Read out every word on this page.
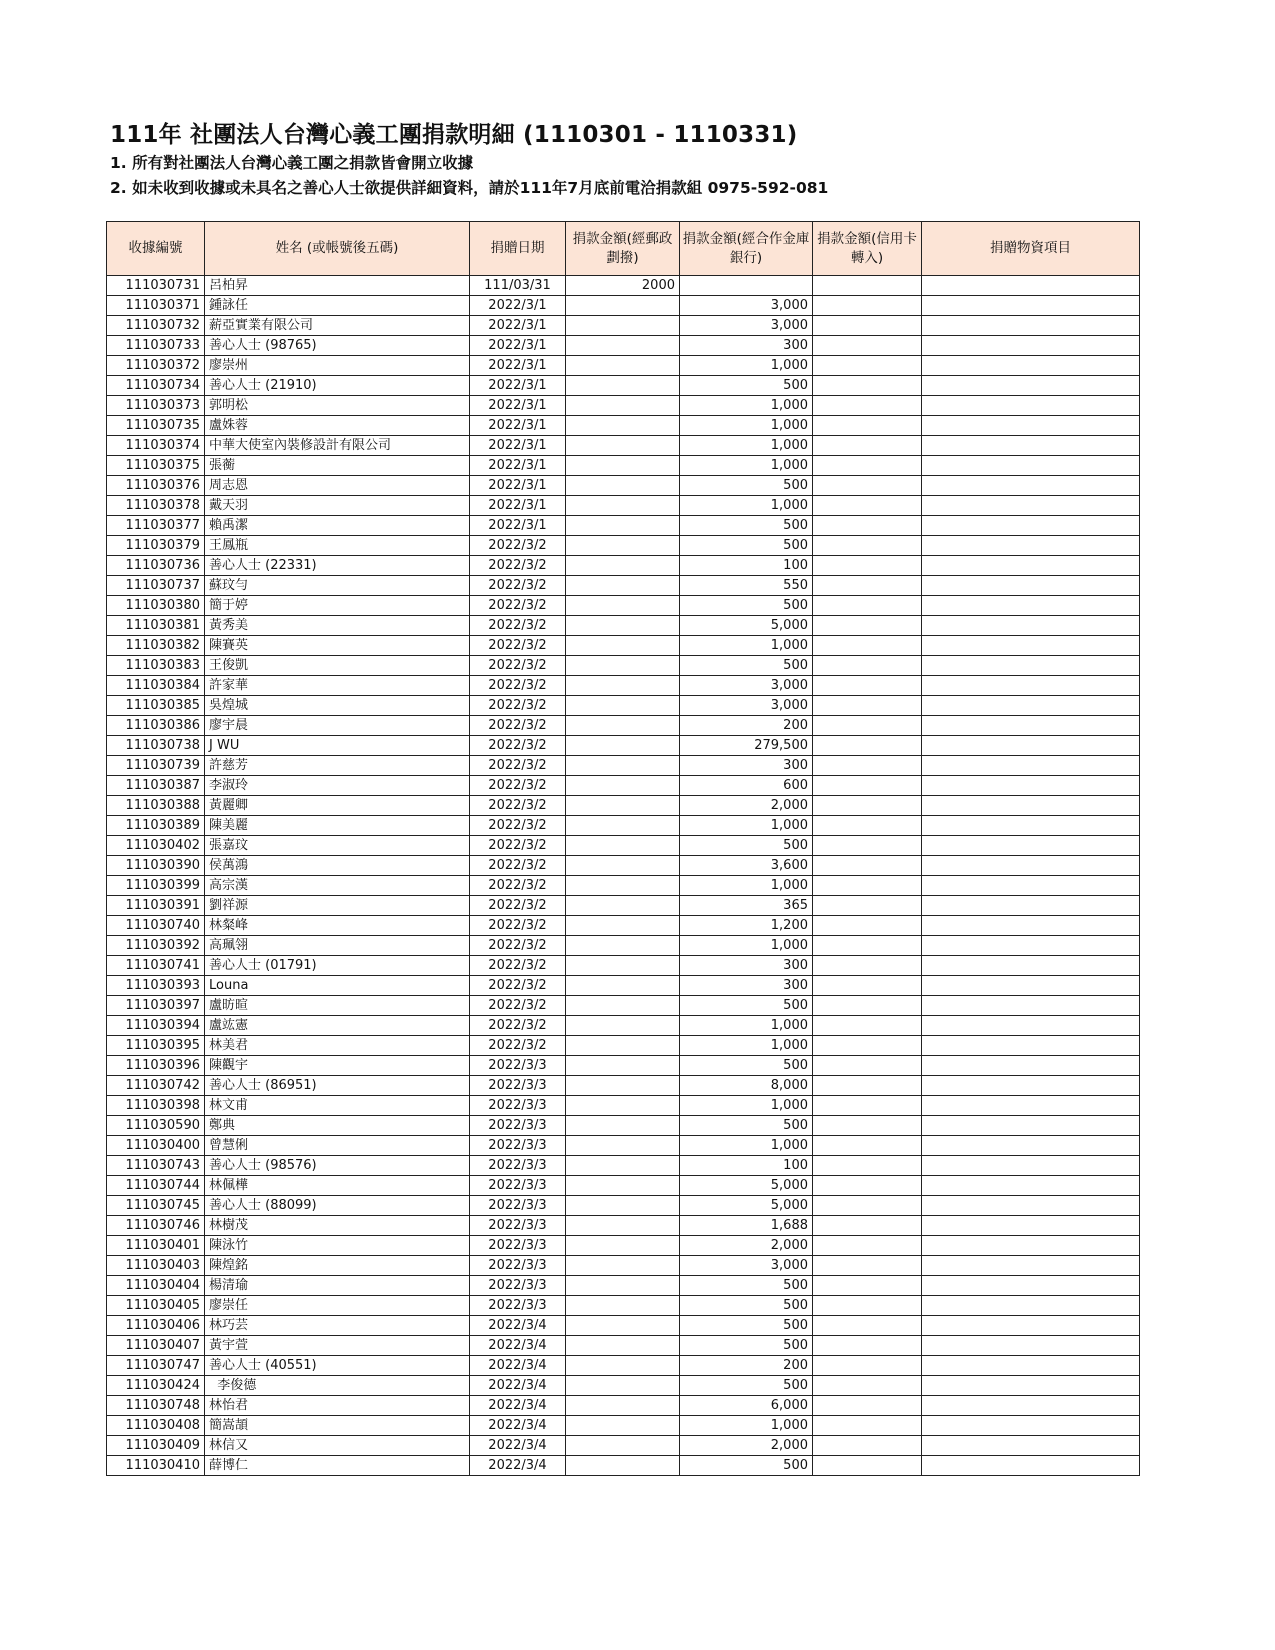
111年 社團法人台灣心義工團捐款明細 (1110301 - 1110331)
1. 所有對社團法人台灣心義工團之捐款皆會開立收據
2. 如未收到收據或未具名之善心人士欲提供詳細資料，請於111年7月底前電洽捐款組 0975-592-081
收據編號	姓名 (或帳號後五碼)	捐贈日期	捐款金額(經郵政劃撥)	捐款金額(經合作金庫銀行)	捐款金額(信用卡轉入)	捐贈物資項目
111030731	呂柏昇	111/03/31	2000			
111030371	鍾詠任	2022/3/1		3,000		
111030732	薪亞實業有限公司	2022/3/1		3,000		
111030733	善心人士 (98765)	2022/3/1		300		
111030372	廖崇州	2022/3/1		1,000		
111030734	善心人士 (21910)	2022/3/1		500		
111030373	郭明松	2022/3/1		1,000		
111030735	盧姝蓉	2022/3/1		1,000		
111030374	中華大使室內裝修設計有限公司	2022/3/1		1,000		
111030375	張蘅	2022/3/1		1,000		
111030376	周志恩	2022/3/1		500		
111030378	戴天羽	2022/3/1		1,000		
111030377	賴禹潔	2022/3/1		500		
111030379	王鳳瓶	2022/3/2		500		
111030736	善心人士 (22331)	2022/3/2		100		
111030737	蘇玟勻	2022/3/2		550		
111030380	簡于婷	2022/3/2		500		
111030381	黃秀美	2022/3/2		5,000		
111030382	陳賽英	2022/3/2		1,000		
111030383	王俊凱	2022/3/2		500		
111030384	許家華	2022/3/2		3,000		
111030385	吳煌城	2022/3/2		3,000		
111030386	廖宇晨	2022/3/2		200		
111030738	J WU	2022/3/2		279,500		
111030739	許慈芳	2022/3/2		300		
111030387	李淑玲	2022/3/2		600		
111030388	黃麗卿	2022/3/2		2,000		
111030389	陳美麗	2022/3/2		1,000		
111030402	張嘉玟	2022/3/2		500		
111030390	侯萬鴻	2022/3/2		3,600		
111030399	高宗漢	2022/3/2		1,000		
111030391	劉祥源	2022/3/2		365		
111030740	林粲峰	2022/3/2		1,200		
111030392	高珮翎	2022/3/2		1,000		
111030741	善心人士 (01791)	2022/3/2		300		
111030393	Louna	2022/3/2		300		
111030397	盧昉暄	2022/3/2		500		
111030394	盧竑憲	2022/3/2		1,000		
111030395	林美君	2022/3/2		1,000		
111030396	陳觀宇	2022/3/3		500		
111030742	善心人士 (86951)	2022/3/3		8,000		
111030398	林文甫	2022/3/3		1,000		
111030590	鄭典	2022/3/3		500		
111030400	曾慧俐	2022/3/3		1,000		
111030743	善心人士 (98576)	2022/3/3		100		
111030744	林佩樺	2022/3/3		5,000		
111030745	善心人士 (88099)	2022/3/3		5,000		
111030746	林樹茂	2022/3/3		1,688		
111030401	陳泳竹	2022/3/3		2,000		
111030403	陳煌銘	2022/3/3		3,000		
111030404	楊清瑜	2022/3/3		500		
111030405	廖崇任	2022/3/3		500		
111030406	林巧芸	2022/3/4		500		
111030407	黃宇萱	2022/3/4		500		
111030747	善心人士 (40551)	2022/3/4		200		
111030424	李俊德	2022/3/4		500		
111030748	林怡君	2022/3/4		6,000		
111030408	簡嵩頡	2022/3/4		1,000		
111030409	林信又	2022/3/4		2,000		
111030410	薛博仁	2022/3/4		500		
